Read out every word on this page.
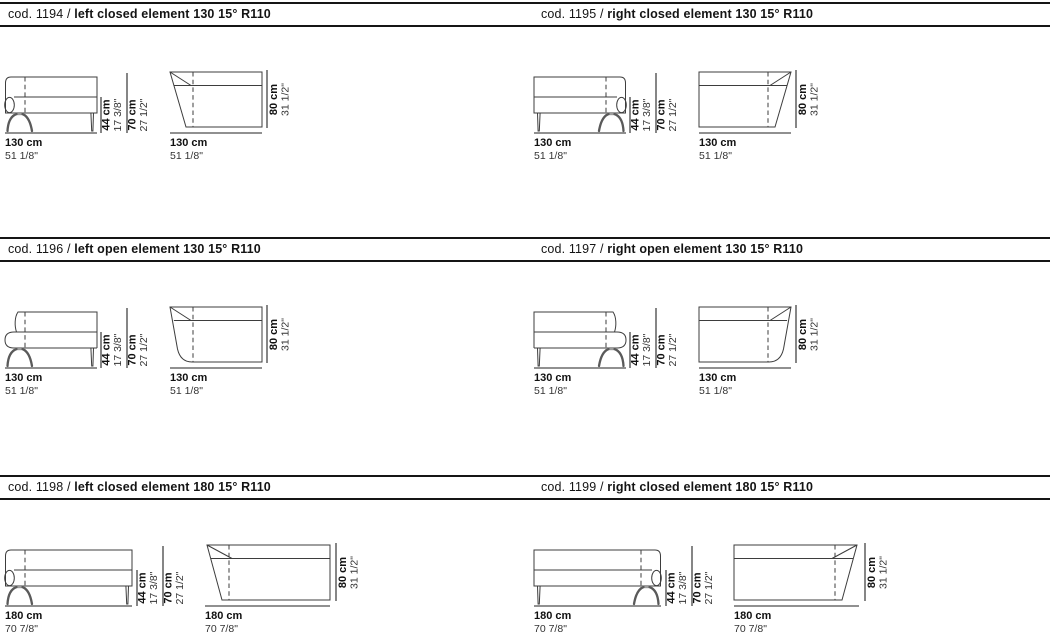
cod. 1194 / left closed element 130 15° R110
130 cm
51 1/8"
130 cm
51 1/8"
44 cm 17 3/8" 70 cm 27 1/2"	80 cm 31 1/2"
cod. 1195 / right closed element 130 15° R110
130 cm
51 1/8"
130 cm
51 1/8"
44 cm 17 3/8" 70 cm 27 1/2"	80 cm 31 1/2"
cod. 1196 / left open element 130 15° R110
130 cm
51 1/8"
130 cm
51 1/8"
44 cm 17 3/8" 70 cm 27 1/2"	80 cm 31 1/2"
cod. 1197 / right open element 130 15° R110
130 cm
51 1/8"
130 cm
51 1/8"
44 cm 17 3/8" 70 cm 27 1/2"	80 cm 31 1/2"
cod. 1198 / left closed element 180 15° R110
180 cm
70 7/8"
180 cm
70 7/8"
44 cm 17 3/8" 70 cm 27 1/2"	80 cm 31 1/2"
cod. 1199 / right closed element 180 15° R110
180 cm
70 7/8"
180 cm
70 7/8"
44 cm 17 3/8" 70 cm 27 1/2"	80 cm 31 1/2"
